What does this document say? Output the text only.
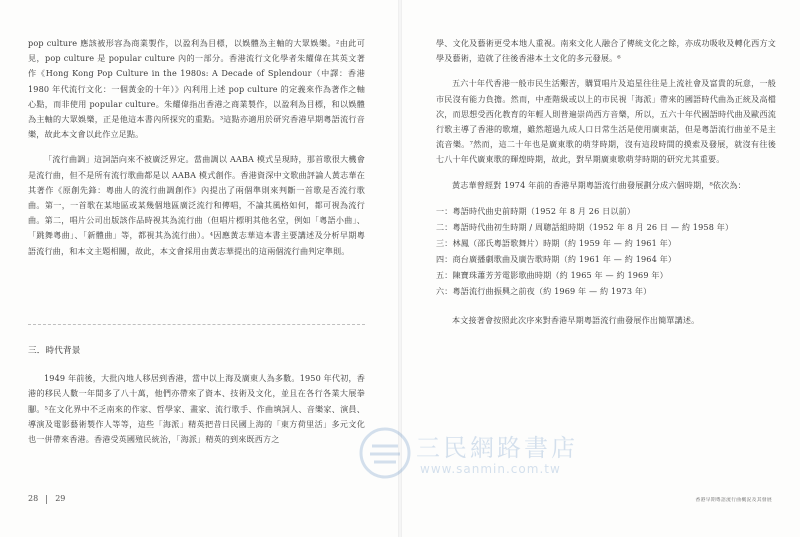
pop culture 應該被形容為商業製作，以盈利為目標，以娛體為主軸的大眾娛樂。²由此可見，pop culture 是 popular culture 內的一部分。香港流行文化學者朱耀偉在其英文著作《Hong Kong Pop Culture in the 1980s: A Decade of Splendour（中譯：香港 1980 年代流行文化：一個黃金的十年）》內利用上述 pop culture 的定義來作為著作之軸心點，而非使用 popular culture。朱耀偉指出香港之商業製作，以盈利為目標，和以娛體為主軸的大眾娛樂，正是他這本書內所探究的重點。³這點亦適用於研究香港早期粵語流行音樂，故此本文會以此作立足點。

「流行曲調」這詞語向來不被廣泛界定。當曲調以 AABA 模式呈現時，那首歌很大機會是流行曲，但不是所有流行歌曲都是以 AABA 模式創作。香港資深中文歌曲評論人黃志華在其著作《原創先鋒：粵曲人的流行曲調創作》內提出了兩個準則來判斷一首歌是否流行歌曲。第一，一首歌在某地區或某幾個地區廣泛流行和傳唱，不論其風格如何，都可視為流行曲。第二，唱片公司出版該作品時視其為流行曲（但唱片標明其他名堂，例如「粵語小曲」、「跳舞粵曲」、「新體曲」等，都視其為流行曲）。⁴因應黃志華這本書主要講述及分析早期粵語流行曲，和本文主題相關，故此，本文會採用由黃志華提出的這兩個流行曲判定準則。

三．時代背景

1949 年前後，大批內地人移居到香港，當中以上海及廣東人為多數。1950 年代初，香港的移民人數一年間多了八十萬，他們亦帶來了資本、技術及文化，並且在各行各業大展拳腳。⁵在文化界中不乏南來的作家、哲學家、畫家、流行歌手、作曲填詞人、音樂家、演員、導演及電影藝術製作人等等，這些「海派」精英把昔日民國上海的「東方荷里活」多元文化也一併帶來香港。香港受英國殖民統治，「海派」精英的到來既西方之

28 29

學、文化及藝術更受本地人重視。南來文化人融合了傳統文化之餘，亦成功吸收及轉化西方文學及藝術，造就了往後香港本土文化的多元發展。⁶

五六十年代香港一般市民生活艱苦，購買唱片及追星往往是上流社會及富貴的玩意，一般市民沒有能力負擔。然而，中產階級或以上的市民視「海派」帶來的國語時代曲為正統及高檔次，而思想受西化教育的年輕人則普遍崇尚西方音樂，所以，五六十年代國語時代曲及歐西流行歌主導了香港的歌壇，雖然超過九成人口日常生活是使用廣東話，但是粵語流行曲並不是主流音樂。⁷然而，這二十年也是廣東歌的萌芽時期，沒有這段時間的摸索及發展，就沒有往後七八十年代廣東歌的輝煌時期，故此，對早期廣東歌萌芽時期的研究尤其重要。

黃志華曾經對 1974 年前的香港早期粵語流行曲發展劃分成六個時期，⁸依次為：

一：粵語時代曲史前時期（1952 年 8 月 26 日以前）
二：粵語時代曲初生時期 / 周聰話組時期（1952 年 8 月 26 日 — 約 1958 年）
三：林鳳（邵氏粵語歌舞片）時期（約 1959 年 — 約 1961 年）
四：商台廣播劇歌曲及廣告歌時期（約 1961 年 — 約 1964 年）
五：陳寶珠蕭芳芳電影歌曲時期（約 1965 年 — 約 1969 年）
六：粵語流行曲振興之前夜（約 1969 年 — 約 1973 年）

本文接著會按照此次序來對香港早期粵語流行曲發展作出簡單講述。

香港早期粵語流行曲概況及其發展
三民網路書店
www.sanmin.com.tw
